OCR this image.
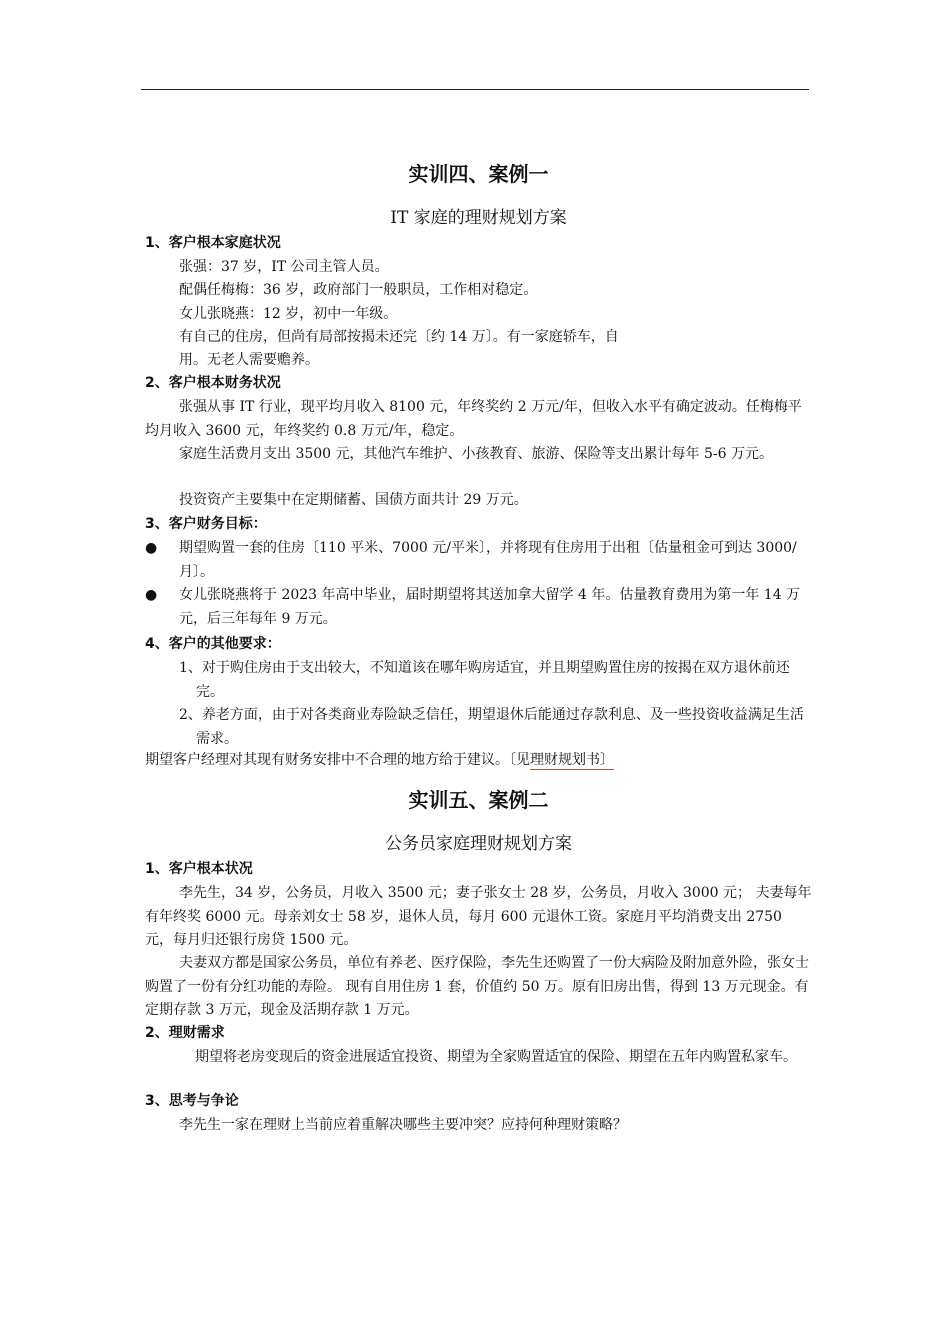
实训四、案例一
IT 家庭的理财规划方案
1、客户根本家庭状况
张强：37 岁，IT 公司主管人员。
配偶任梅梅：36 岁，政府部门一般职员，工作相对稳定。
女儿张晓燕：12 岁，初中一年级。
有自己的住房，但尚有局部按揭未还完〔约 14 万〕。有一家庭轿车，自
用。无老人需要赡养。
2、客户根本财务状况
张强从事 IT 行业，现平均月收入 8100 元，年终奖约 2 万元/年，但收入水平有确定波动。任梅梅平均月收入 3600 元，年终奖约 0.8 万元/年，稳定。
家庭生活费月支出 3500 元，其他汽车维护、小孩教育、旅游、保险等支出累计每年 5-6 万元。
投资资产主要集中在定期储蓄、国债方面共计 29 万元。
3、客户财务目标：
● 期望购置一套的住房〔110 平米、7000 元/平米〕，并将现有住房用于出租〔估量租金可到达 3000/月〕。
● 女儿张晓燕将于 2023 年高中毕业，届时期望将其送加拿大留学 4 年。估量教育费用为第一年 14 万元，后三年每年 9 万元。
4、客户的其他要求：
1、对于购住房由于支出较大，不知道该在哪年购房适宜，并且期望购置住房的按揭在双方退休前还完。
2、养老方面，由于对各类商业寿险缺乏信任，期望退休后能通过存款利息、及一些投资收益满足生活需求。
期望客户经理对其现有财务安排中不合理的地方给于建议。〔见理财规划书〕
实训五、案例二
公务员家庭理财规划方案
1、客户根本状况
李先生，34 岁，公务员，月收入 3500 元；妻子张女士 28 岁，公务员，月收入 3000 元； 夫妻每年有年终奖 6000 元。母亲刘女士 58 岁，退休人员，每月 600 元退休工资。家庭月平均消费支出 2750 元，每月归还银行房贷 1500 元。
夫妻双方都是国家公务员，单位有养老、医疗保险，李先生还购置了一份大病险及附加意外险，张女士购置了一份有分红功能的寿险。 现有自用住房 1 套，价值约 50 万。原有旧房出售，得到 13 万元现金。有定期存款 3 万元，现金及活期存款 1 万元。
2、理财需求
期望将老房变现后的资金进展适宜投资、期望为全家购置适宜的保险、期望在五年内购置私家车。
3、思考与争论
李先生一家在理财上当前应着重解决哪些主要冲突？应持何种理财策略？
